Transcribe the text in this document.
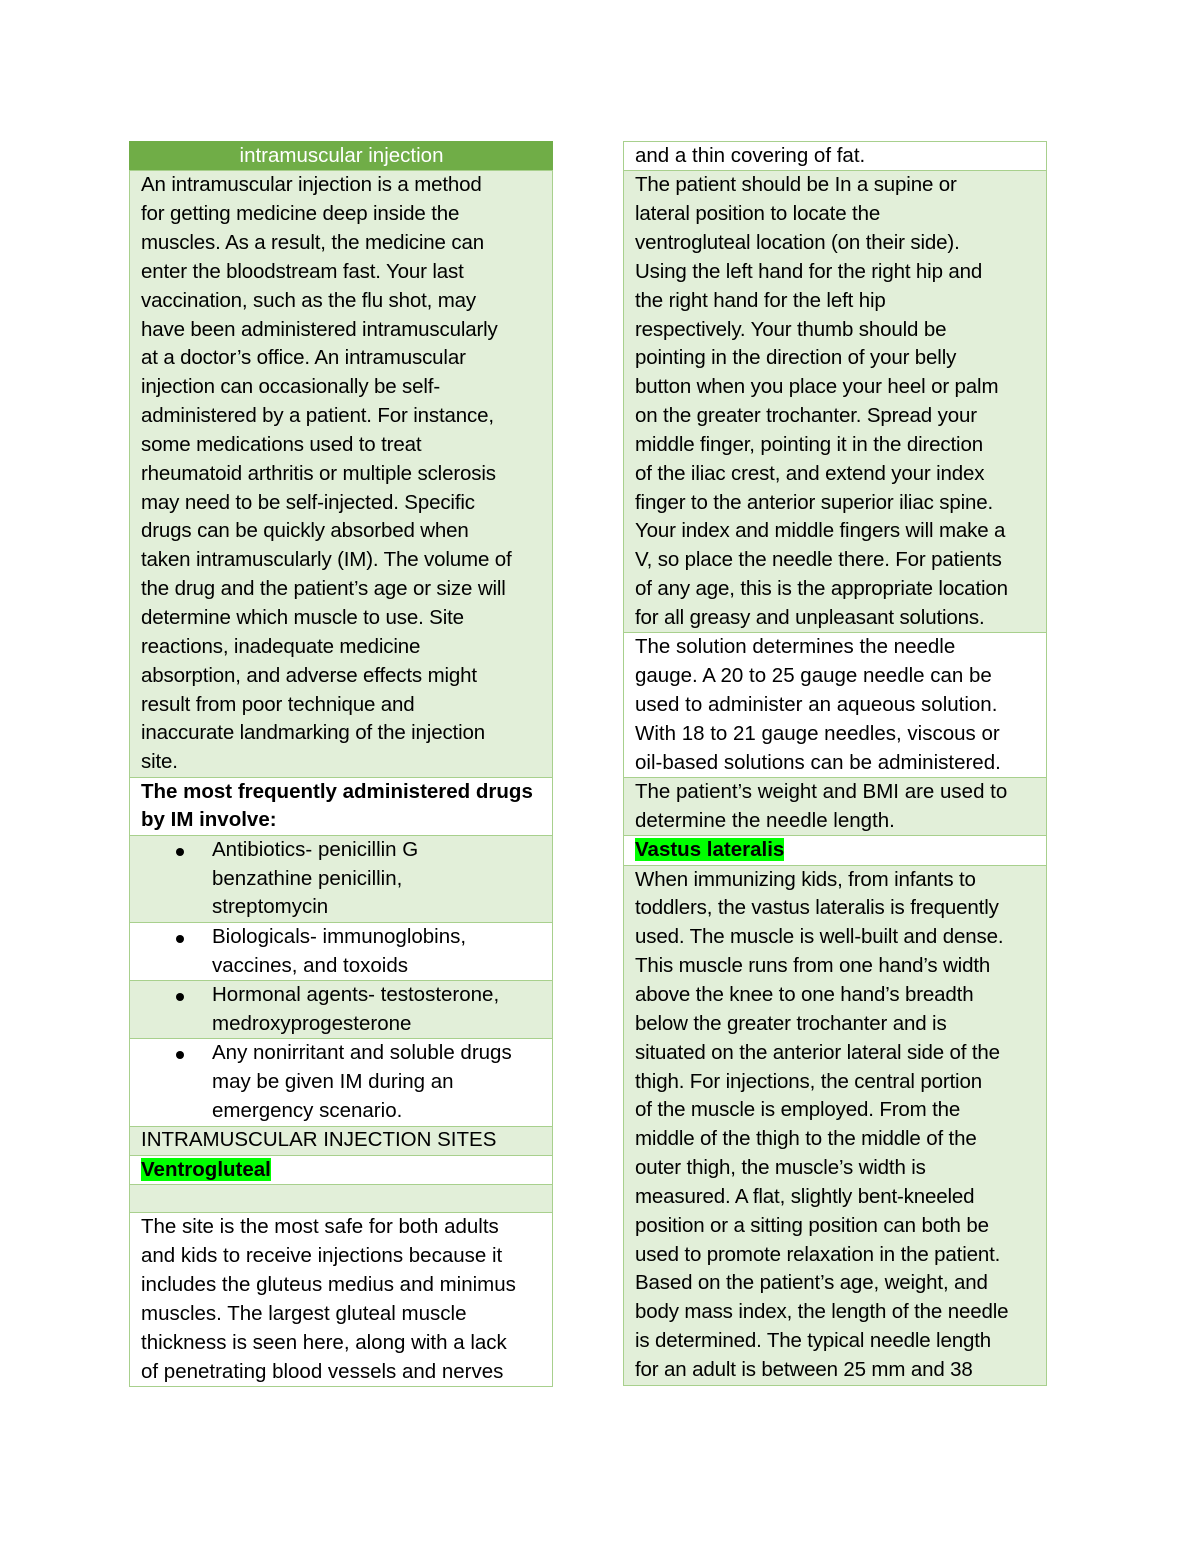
intramuscular injection
An intramuscular injection is a method
for getting medicine deep inside the
muscles. As a result, the medicine can
enter the bloodstream fast. Your last
vaccination, such as the flu shot, may
have been administered intramuscularly
at a doctor’s office. An intramuscular
injection can occasionally be self-
administered by a patient. For instance,
some medications used to treat
rheumatoid arthritis or multiple sclerosis
may need to be self-injected. Specific
drugs can be quickly absorbed when
taken intramuscularly (IM). The volume of
the drug and the patient’s age or size will
determine which muscle to use. Site
reactions, inadequate medicine
absorption, and adverse effects might
result from poor technique and
inaccurate landmarking of the injection
site.
The most frequently administered drugs
by IM involve:
Antibiotics- penicillin G
benzathine penicillin,
streptomycin
Biologicals- immunoglobins,
vaccines, and toxoids
Hormonal agents- testosterone,
medroxyprogesterone
Any nonirritant and soluble drugs
may be given IM during an
emergency scenario.
INTRAMUSCULAR INJECTION SITES
Ventrogluteal
The site is the most safe for both adults
and kids to receive injections because it
includes the gluteus medius and minimus
muscles. The largest gluteal muscle
thickness is seen here, along with a lack
of penetrating blood vessels and nerves
and a thin covering of fat.
The patient should be In a supine or
lateral position to locate the
ventrogluteal location (on their side).
Using the left hand for the right hip and
the right hand for the left hip
respectively. Your thumb should be
pointing in the direction of your belly
button when you place your heel or palm
on the greater trochanter. Spread your
middle finger, pointing it in the direction
of the iliac crest, and extend your index
finger to the anterior superior iliac spine.
Your index and middle fingers will make a
V, so place the needle there. For patients
of any age, this is the appropriate location
for all greasy and unpleasant solutions.
The solution determines the needle
gauge. A 20 to 25 gauge needle can be
used to administer an aqueous solution.
With 18 to 21 gauge needles, viscous or
oil-based solutions can be administered.
The patient’s weight and BMI are used to
determine the needle length.
Vastus lateralis
When immunizing kids, from infants to
toddlers, the vastus lateralis is frequently
used. The muscle is well-built and dense.
This muscle runs from one hand’s width
above the knee to one hand’s breadth
below the greater trochanter and is
situated on the anterior lateral side of the
thigh. For injections, the central portion
of the muscle is employed. From the
middle of the thigh to the middle of the
outer thigh, the muscle’s width is
measured. A flat, slightly bent-kneeled
position or a sitting position can both be
used to promote relaxation in the patient.
Based on the patient’s age, weight, and
body mass index, the length of the needle
is determined. The typical needle length
for an adult is between 25 mm and 38
